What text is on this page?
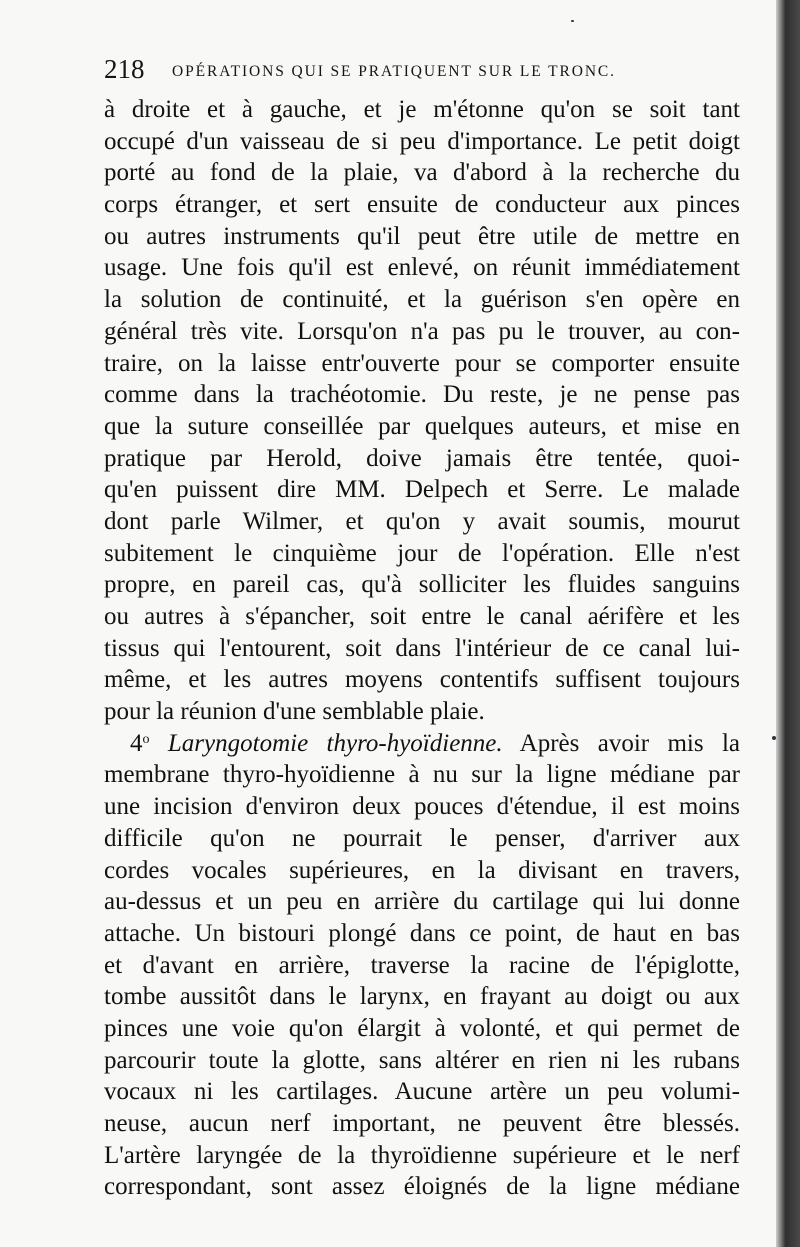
218 OPÉRATIONS QUI SE PRATIQUENT SUR LE TRONC.
à droite et à gauche, et je m'étonne qu'on se soit tant
occupé d'un vaisseau de si peu d'importance. Le petit doigt
porté au fond de la plaie, va d'abord à la recherche du
corps étranger, et sert ensuite de conducteur aux pinces
ou autres instruments qu'il peut être utile de mettre en
usage. Une fois qu'il est enlevé, on réunit immédiatement
la solution de continuité, et la guérison s'en opère en
général très vite. Lorsqu'on n'a pas pu le trouver, au con-
traire, on la laisse entr'ouverte pour se comporter ensuite
comme dans la trachéotomie. Du reste, je ne pense pas
que la suture conseillée par quelques auteurs, et mise en
pratique par Herold, doive jamais être tentée, quoi-
qu'en puissent dire MM. Delpech et Serre. Le malade
dont parle Wilmer, et qu'on y avait soumis, mourut
subitement le cinquième jour de l'opération. Elle n'est
propre, en pareil cas, qu'à solliciter les fluides sanguins
ou autres à s'épancher, soit entre le canal aérifère et les
tissus qui l'entourent, soit dans l'intérieur de ce canal lui-
même, et les autres moyens contentifs suffisent toujours
pour la réunion d'une semblable plaie.
4$^o$ Laryngotomie thyro-hyoïdienne. Après avoir mis la
membrane thyro-hyoïdienne à nu sur la ligne médiane par
une incision d'environ deux pouces d'étendue, il est moins
difficile qu'on ne pourrait le penser, d'arriver aux
cordes vocales supérieures, en la divisant en travers,
au-dessus et un peu en arrière du cartilage qui lui donne
attache. Un bistouri plongé dans ce point, de haut en bas
et d'avant en arrière, traverse la racine de l'épiglotte,
tombe aussitôt dans le larynx, en frayant au doigt ou aux
pinces une voie qu'on élargit à volonté, et qui permet de
parcourir toute la glotte, sans altérer en rien ni les rubans
vocaux ni les cartilages. Aucune artère un peu volumi-
neuse, aucun nerf important, ne peuvent être blessés.
L'artère laryngée de la thyroïdienne supérieure et le nerf
correspondant, sont assez éloignés de la ligne médiane
